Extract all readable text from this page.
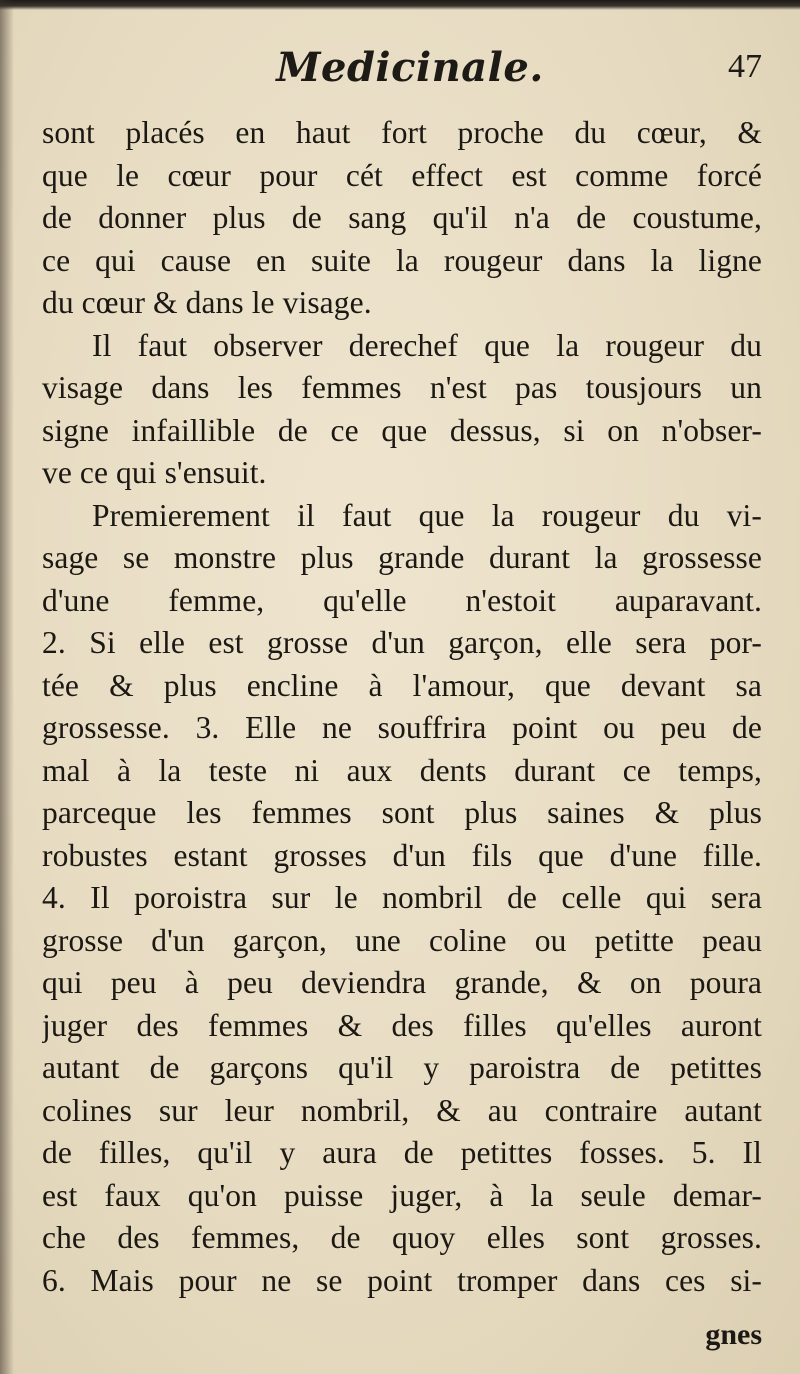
Medicinale.	47
sont placés en haut fort proche du cœur, &
que le cœur pour cét effect est comme forcé
de donner plus de sang qu'il n'a de coustume,
ce qui cause en suite la rougeur dans la ligne
du cœur & dans le visage.
Il faut observer derechef que la rougeur du
visage dans les femmes n'est pas tousjours un
signe infaillible de ce que dessus, si on n'obser-
ve ce qui s'ensuit.
Premierement il faut que la rougeur du vi-
sage se monstre plus grande durant la grossesse
d'une femme, qu'elle n'estoit auparavant.
2. Si elle est grosse d'un garçon, elle sera por-
tée & plus encline à l'amour, que devant sa
grossesse. 3. Elle ne souffrira point ou peu de
mal à la teste ni aux dents durant ce temps,
parceque les femmes sont plus saines & plus
robustes estant grosses d'un fils que d'une fille.
4. Il poroistra sur le nombril de celle qui sera
grosse d'un garçon, une coline ou petitte peau
qui peu à peu deviendra grande, & on poura
juger des femmes & des filles qu'elles auront
autant de garçons qu'il y paroistra de petittes
colines sur leur nombril, & au contraire autant
de filles, qu'il y aura de petittes fosses. 5. Il
est faux qu'on puisse juger, à la seule demar-
che des femmes, de quoy elles sont grosses.
6. Mais pour ne se point tromper dans ces si-
gnes
